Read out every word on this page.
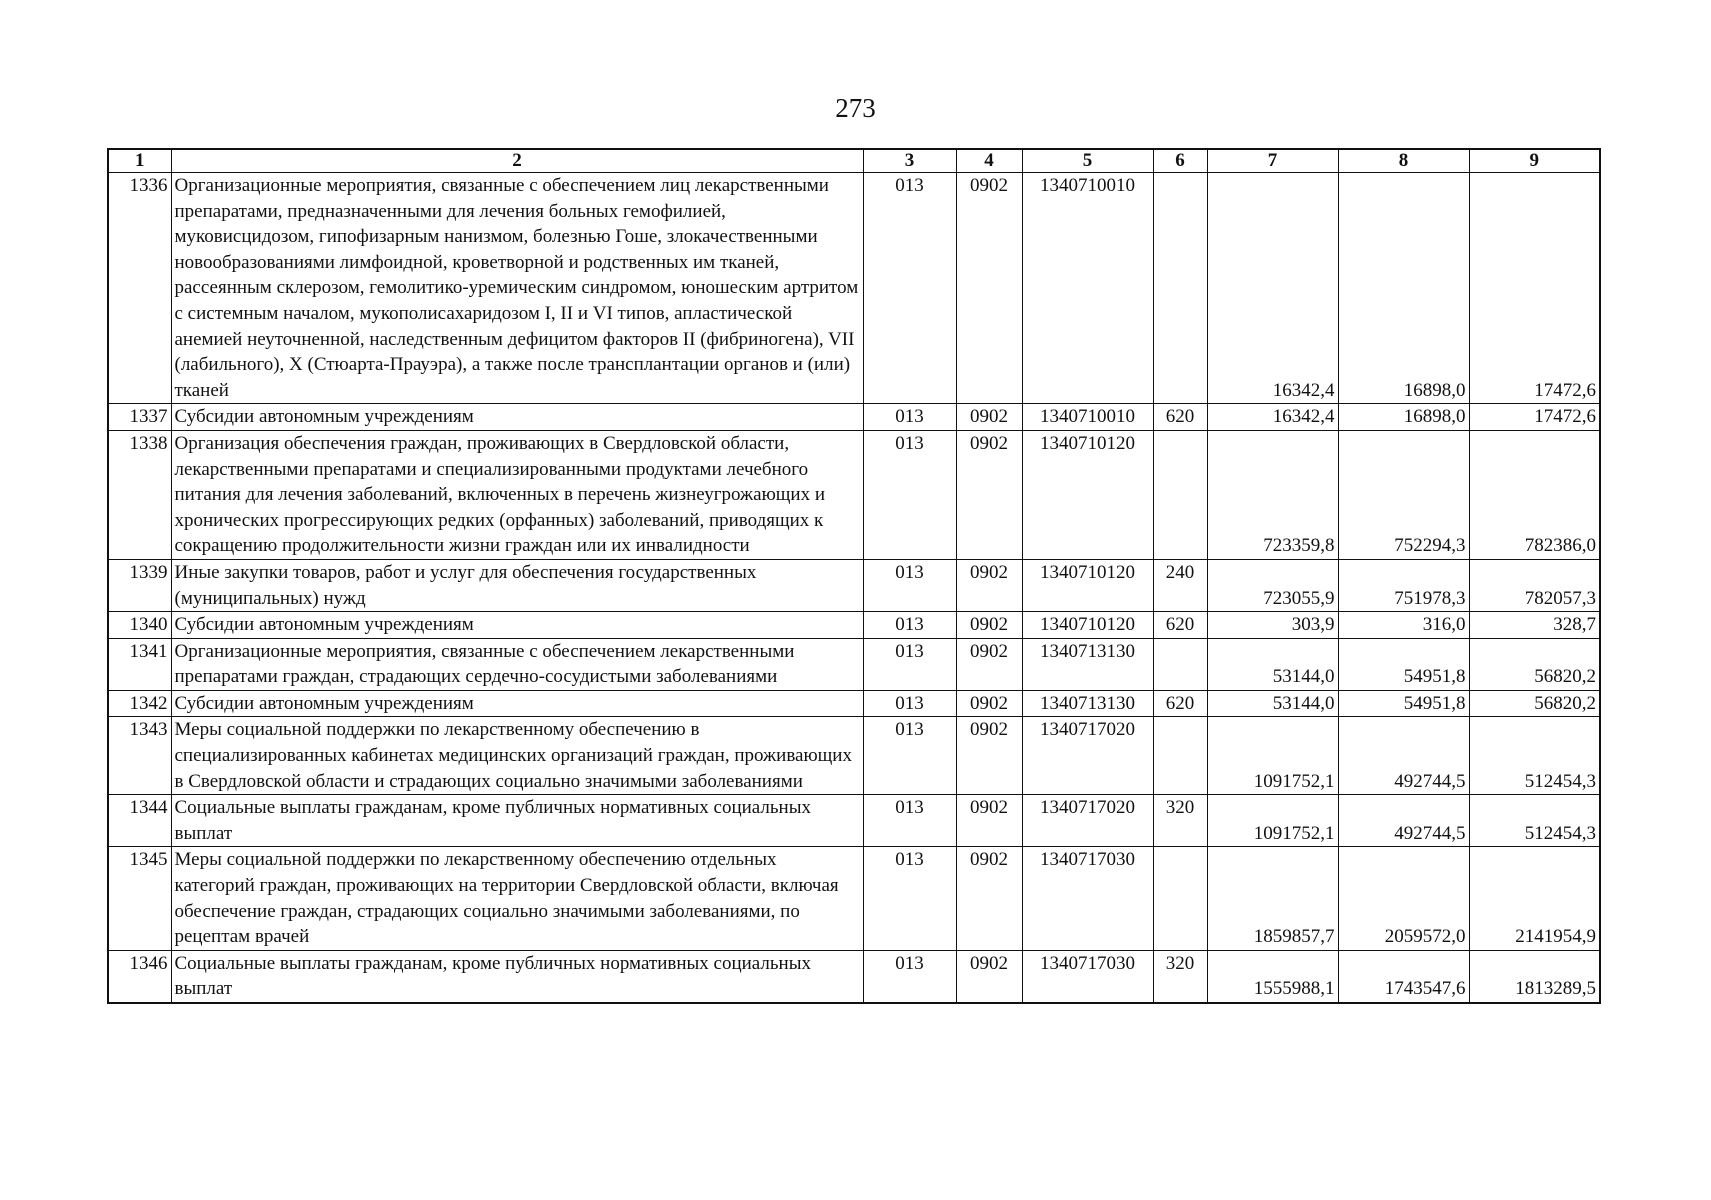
273
1	2	3	4	5	6	7	8	9
1336	Организационные мероприятия, связанные с обеспечением лиц лекарственными препаратами, предназначенными для лечения больных гемофилией, муковисцидозом, гипофизарным нанизмом, болезнью Гоше, злокачественными новообразованиями лимфоидной, кроветворной и родственных им тканей, рассеянным склерозом, гемолитико-уремическим синдромом, юношеским артритом с системным началом, мукополисахаридозом I, II и VI типов, апластической анемией неуточненной, наследственным дефицитом факторов II (фибриногена), VII (лабильного), X (Стюарта-Прауэра), а также после трансплантации органов и (или) тканей	013	0902	1340710010		16342,4	16898,0	17472,6
1337	Субсидии автономным учреждениям	013	0902	1340710010	620	16342,4	16898,0	17472,6
1338	Организация обеспечения граждан, проживающих в Свердловской области, лекарственными препаратами и специализированными продуктами лечебного питания для лечения заболеваний, включенных в перечень жизнеугрожающих и хронических прогрессирующих редких (орфанных) заболеваний, приводящих к сокращению продолжительности жизни граждан или их инвалидности	013	0902	1340710120		723359,8	752294,3	782386,0
1339	Иные закупки товаров, работ и услуг для обеспечения государственных (муниципальных) нужд	013	0902	1340710120	240	723055,9	751978,3	782057,3
1340	Субсидии автономным учреждениям	013	0902	1340710120	620	303,9	316,0	328,7
1341	Организационные мероприятия, связанные с обеспечением лекарственными препаратами граждан, страдающих сердечно-сосудистыми заболеваниями	013	0902	1340713130		53144,0	54951,8	56820,2
1342	Субсидии автономным учреждениям	013	0902	1340713130	620	53144,0	54951,8	56820,2
1343	Меры социальной поддержки по лекарственному обеспечению в специализированных кабинетах медицинских организаций граждан, проживающих в Свердловской области и страдающих социально значимыми заболеваниями	013	0902	1340717020		1091752,1	492744,5	512454,3
1344	Социальные выплаты гражданам, кроме публичных нормативных социальных выплат	013	0902	1340717020	320	1091752,1	492744,5	512454,3
1345	Меры социальной поддержки по лекарственному обеспечению отдельных категорий граждан, проживающих на территории Свердловской области, включая обеспечение граждан, страдающих социально значимыми заболеваниями, по рецептам врачей	013	0902	1340717030		1859857,7	2059572,0	2141954,9
1346	Социальные выплаты гражданам, кроме публичных нормативных социальных выплат	013	0902	1340717030	320	1555988,1	1743547,6	1813289,5
